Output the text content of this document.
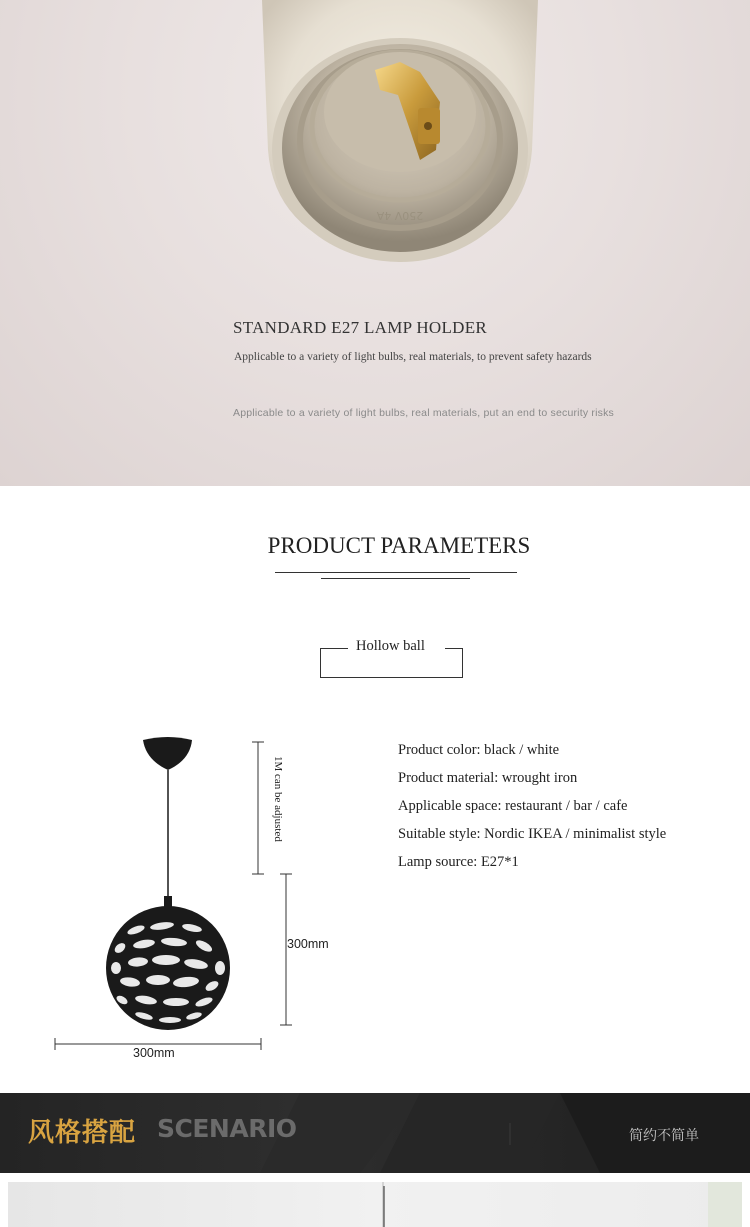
250V 4A
STANDARD E27 LAMP HOLDER
Applicable to a variety of light bulbs, real materials, to prevent safety hazards
Applicable to a variety of light bulbs, real materials, put an end to security risks
PRODUCT PARAMETERS
Hollow ball
1M can be adjusted
300mm
300mm
Product color: black / white
Product material: wrought iron
Applicable space: restaurant / bar / cafe
Suitable style: Nordic IKEA / minimalist style
Lamp source: E27*1
风格搭配 SCENARIO	简约不简单
